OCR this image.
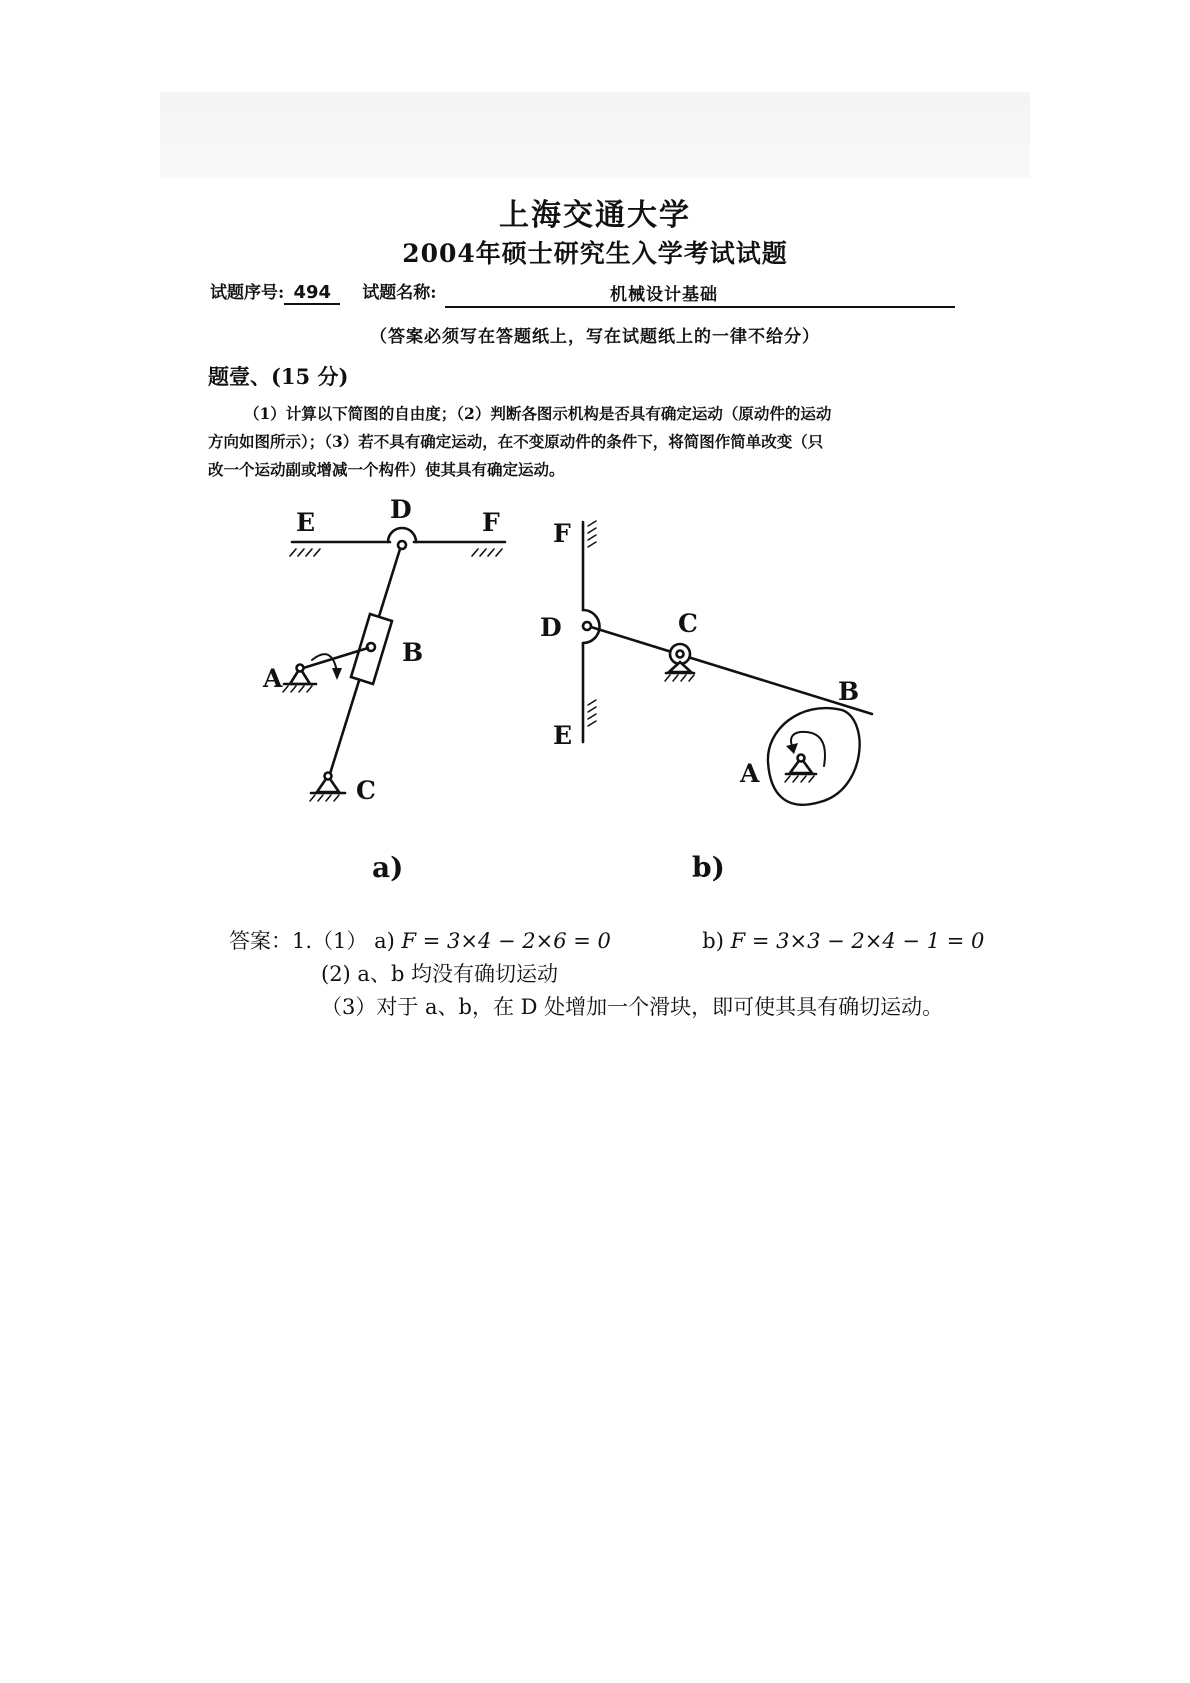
上海交通大学
2004年硕士研究生入学考试试题
试题序号: 494 试题名称:	机械设计基础
（答案必须写在答题纸上，写在试题纸上的一律不给分）
题壹、(15 分)

（1）计算以下简图的自由度；（2）判断各图示机构是否具有确定运动（原动件的运动

方向如图所示）；（3）若不具有确定运动，在不变原动件的条件下，将简图作简单改变（只

改一个运动副或增减一个构件）使其具有确定运动。

E	D	F
A
B
C
a)
F
D	C
B
E
A
b)
答案：1.（1） a) F = 3×4 − 2×6 = 0	b) F = 3×3 − 2×4 − 1 = 0
(2) a、b 均没有确切运动
（3）对于 a、b，在 D 处增加一个滑块，即可使其具有确切运动。
